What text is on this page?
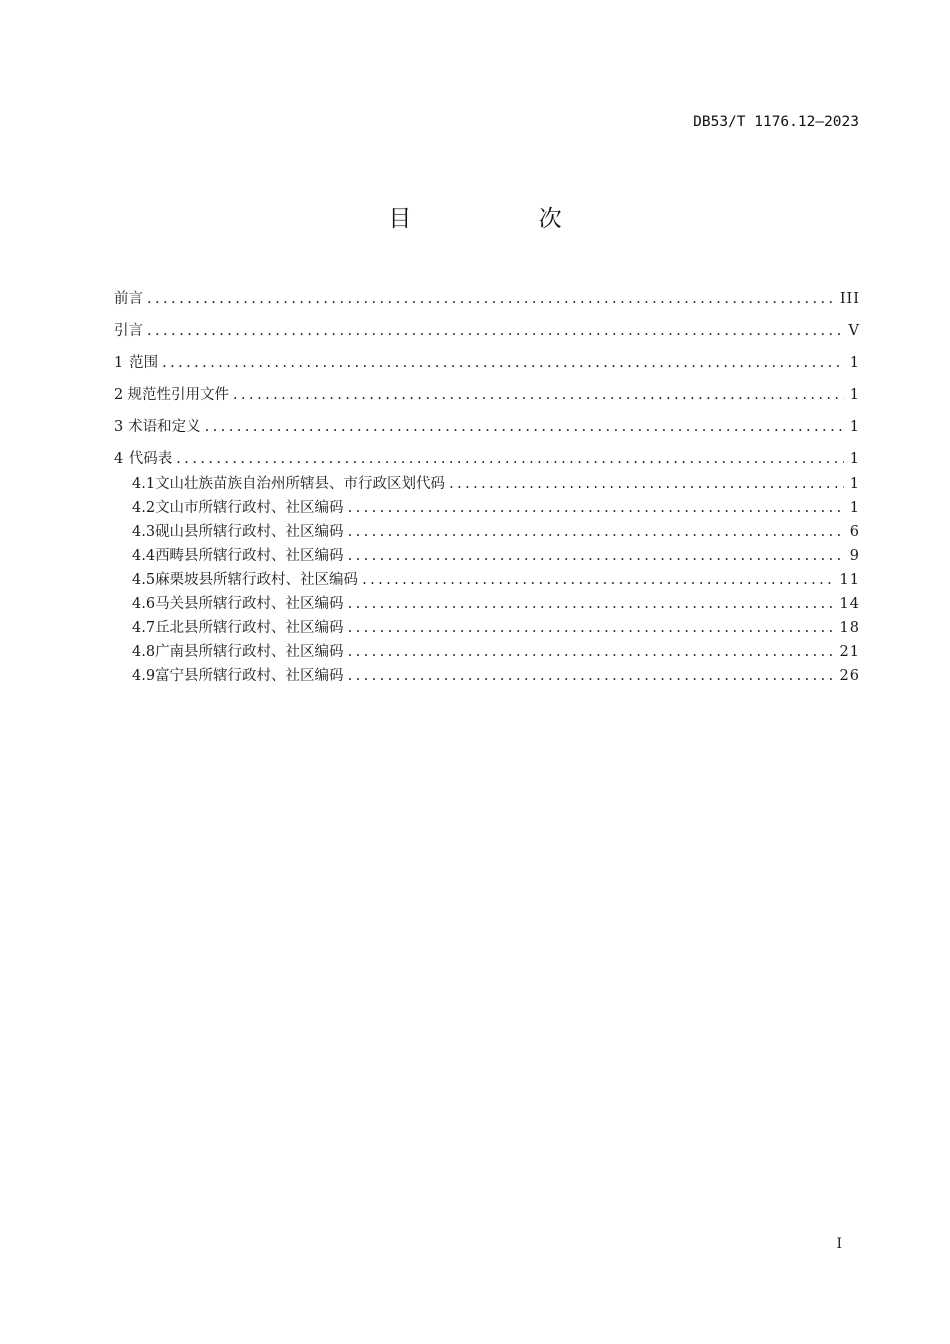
DB53/T 1176.12—2023
目 次
前言 . . .	III
引言 . . .	V
1 范围 . . .	1
2 规范性引用文件 . . .	1
3 术语和定义 . . .	1
4 代码表 . . .	1
4.1 文山壮族苗族自治州所辖县、市行政区划代码 . . .	1
4.2 文山市所辖行政村、社区编码 . . .	1
4.3 砚山县所辖行政村、社区编码 . . .	6
4.4 西畴县所辖行政村、社区编码 . . .	9
4.5 麻栗坡县所辖行政村、社区编码 . . .	11
4.6 马关县所辖行政村、社区编码 . . .	14
4.7 丘北县所辖行政村、社区编码 . . .	18
4.8 广南县所辖行政村、社区编码 . . .	21
4.9 富宁县所辖行政村、社区编码 . . .	26
I
